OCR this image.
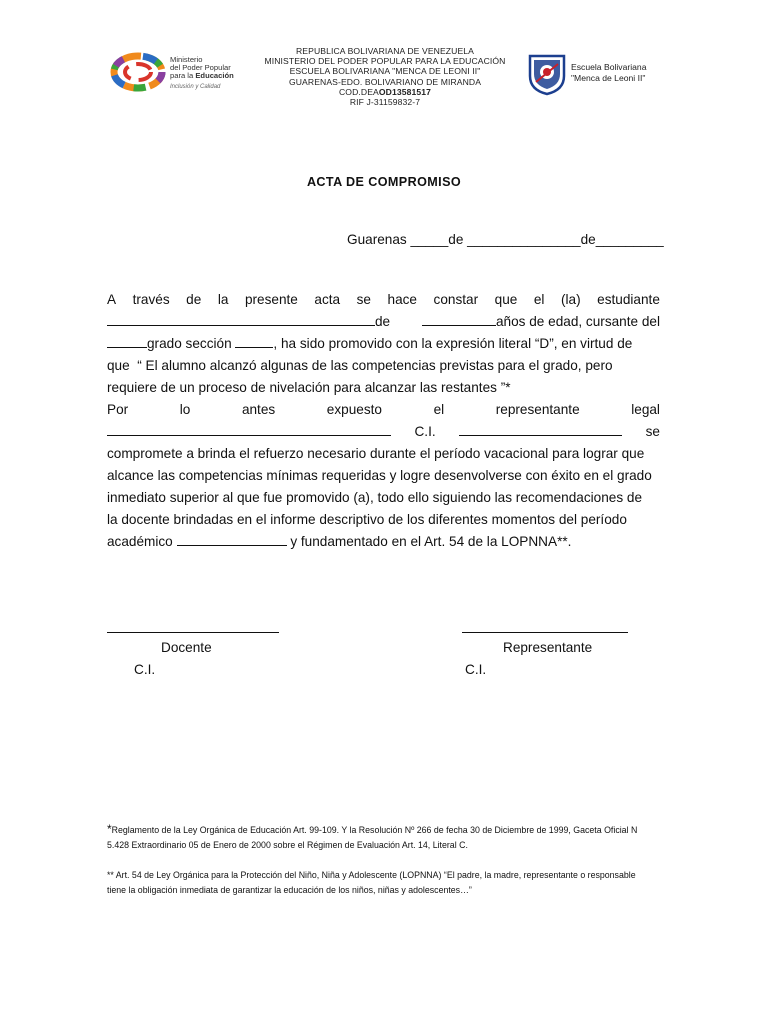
Ministerio
del Poder Popular
para la Educación
Inclusión y Calidad
REPUBLICA BOLIVARIANA DE VENEZUELA
MINISTERIO DEL PODER POPULAR PARA LA EDUCACIÓN
ESCUELA BOLIVARIANA "MENCA DE LEONI II"
GUARENAS-EDO. BOLIVARIANO DE MIRANDA
COD.DEAOD13581517
RIF J-31159832-7
Escuela Bolivariana
"Menca de Leoni II"
ACTA DE COMPROMISO
Guarenas _____de _______________de_________
A través de la presente acta se hace constar que el (la) estudiante
de	años de edad, cursante del
grado sección	, ha sido promovido con la expresión literal “D”, en virtud de
que  “ El alumno alcanzó algunas de las competencias previstas para el grado, pero
requiere de un proceso de nivelación para alcanzar las restantes ”*
Por	lo	antes	expuesto	el	representante	legal
C.I.	se
compromete a brinda el refuerzo necesario durante el período vacacional para lograr que
alcance las competencias mínimas requeridas y logre desenvolverse con éxito en el grado
inmediato superior al que fue promovido (a), todo ello siguiendo las recomendaciones de
la docente brindadas en el informe descriptivo de los diferentes momentos del período
académico	y fundamentado en el Art. 54 de la LOPNNA**.
Docente
C.I.
Representante
C.I.
*Reglamento de la Ley Orgánica de Educación Art. 99-109. Y la Resolución Nº 266 de fecha 30 de Diciembre de 1999, Gaceta Oficial N
5.428 Extraordinario 05 de Enero de 2000 sobre el Régimen de Evaluación Art. 14, Literal C.
** Art. 54 de Ley Orgánica para la Protección del Niño, Niña y Adolescente (LOPNNA) “El padre, la madre, representante o responsable
tiene la obligación inmediata de garantizar la educación de los niños, niñas y adolescentes…”
